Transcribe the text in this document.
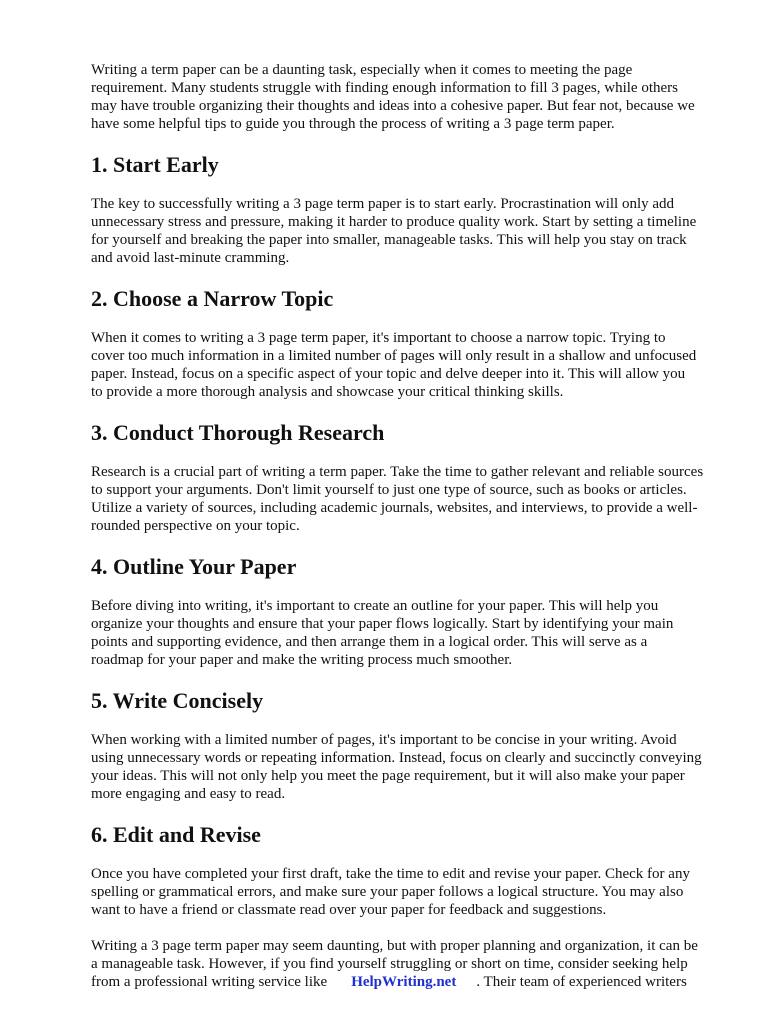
Writing a term paper can be a daunting task, especially when it comes to meeting the page
requirement. Many students struggle with finding enough information to fill 3 pages, while others
may have trouble organizing their thoughts and ideas into a cohesive paper. But fear not, because we
have some helpful tips to guide you through the process of writing a 3 page term paper.

1. Start Early

The key to successfully writing a 3 page term paper is to start early. Procrastination will only add
unnecessary stress and pressure, making it harder to produce quality work. Start by setting a timeline
for yourself and breaking the paper into smaller, manageable tasks. This will help you stay on track
and avoid last-minute cramming.

2. Choose a Narrow Topic

When it comes to writing a 3 page term paper, it's important to choose a narrow topic. Trying to
cover too much information in a limited number of pages will only result in a shallow and unfocused
paper. Instead, focus on a specific aspect of your topic and delve deeper into it. This will allow you
to provide a more thorough analysis and showcase your critical thinking skills.

3. Conduct Thorough Research

Research is a crucial part of writing a term paper. Take the time to gather relevant and reliable sources
to support your arguments. Don't limit yourself to just one type of source, such as books or articles.
Utilize a variety of sources, including academic journals, websites, and interviews, to provide a well-
rounded perspective on your topic.

4. Outline Your Paper

Before diving into writing, it's important to create an outline for your paper. This will help you
organize your thoughts and ensure that your paper flows logically. Start by identifying your main
points and supporting evidence, and then arrange them in a logical order. This will serve as a
roadmap for your paper and make the writing process much smoother.

5. Write Concisely

When working with a limited number of pages, it's important to be concise in your writing. Avoid
using unnecessary words or repeating information. Instead, focus on clearly and succinctly conveying
your ideas. This will not only help you meet the page requirement, but it will also make your paper
more engaging and easy to read.

6. Edit and Revise

Once you have completed your first draft, take the time to edit and revise your paper. Check for any
spelling or grammatical errors, and make sure your paper follows a logical structure. You may also
want to have a friend or classmate read over your paper for feedback and suggestions.

Writing a 3 page term paper may seem daunting, but with proper planning and organization, it can be
a manageable task. However, if you find yourself struggling or short on time, consider seeking help
from a professional writing service like HelpWriting.net . Their team of experienced writers
